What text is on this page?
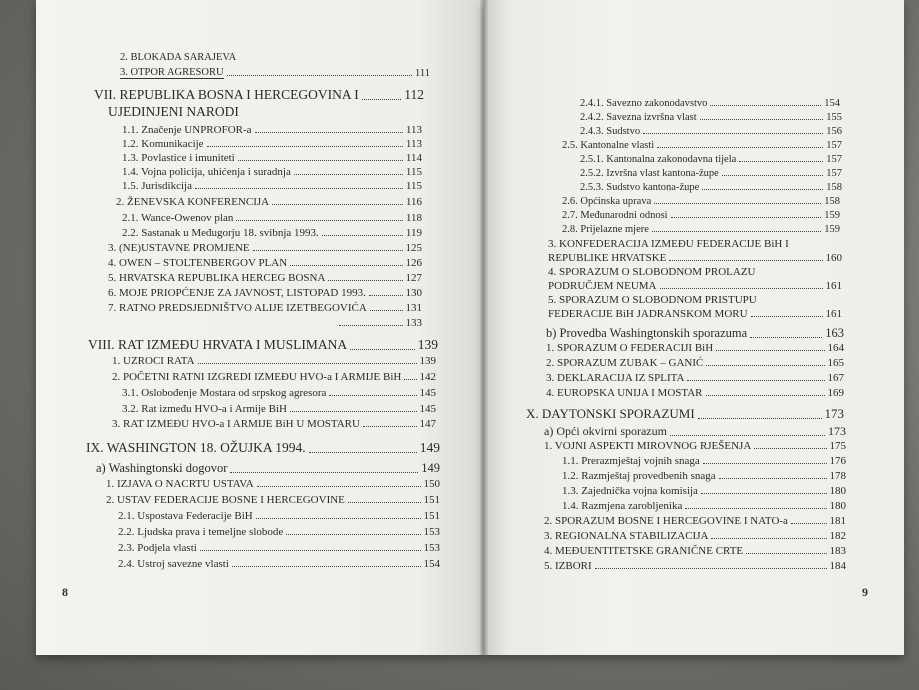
8
2. BLOKADA SARAJEVA
3. OTPOR AGRESORU	111
VII. REPUBLIKA BOSNA I HERCEGOVINA I	112
UJEDINJENI NARODI
1.1. Značenje UNPROFOR-a	113
1.2. Komunikacije	113
1.3. Povlastice i imuniteti	114
1.4. Vojna policija, uhićenja i suradnja	115
1.5. Jurisdikcija	115
2. ŽENEVSKA KONFERENCIJA	116
2.1. Wance-Owenov plan	118
2.2. Sastanak u Međugorju 18. svibnja 1993.	119
3. (NE)USTAVNE PROMJENE	125
4. OWEN – STOLTENBERGOV PLAN	126
5. HRVATSKA REPUBLIKA HERCEG BOSNA	127
6. MOJE PRIOPĆENJE ZA JAVNOST, LISTOPAD 1993.	130
7. RATNO PREDSJEDNIŠTVO ALIJE IZETBEGOVIĆA	131
133
VIII. RAT IZMEĐU HRVATA I MUSLIMANA	139
1. UZROCI RATA	139
2. POČETNI RATNI IZGREDI IZMEĐU HVO-a I ARMIJE BiH 142
3.1. Oslobođenje Mostara od srpskog agresora	145
3.2. Rat između HVO-a i Armije BiH	145
3. RAT IZMEĐU HVO-a I ARMIJE BiH U MOSTARU	147
IX. WASHINGTON 18. OŽUJKA 1994.	149
a) Washingtonski dogovor	149
1. IZJAVA O NACRTU USTAVA	150
2. USTAV FEDERACIJE BOSNE I HERCEGOVINE	151
2.1. Uspostava Federacije BiH	151
2.2. Ljudska prava i temeljne slobode	153
2.3. Podjela vlasti	153
2.4. Ustroj savezne vlasti	154
9
2.4.1. Savezno zakonodavstvo	154
2.4.2. Savezna izvršna vlast	155
2.4.3. Sudstvo	156
2.5. Kantonalne vlasti	157
2.5.1. Kantonalna zakonodavna tijela	157
2.5.2. Izvršna vlast kantona-župe	157
2.5.3. Sudstvo kantona-župe	158
2.6. Općinska uprava	158
2.7. Međunarodni odnosi	159
2.8. Prijelazne mjere	159
3. KONFEDERACIJA IZMEĐU FEDERACIJE BiH I
REPUBLIKE HRVATSKE	160
4. SPORAZUM O SLOBODNOM PROLAZU
PODRUČJEM NEUMA	161
5. SPORAZUM O SLOBODNOM PRISTUPU
FEDERACIJE BiH JADRANSKOM MORU	161
b) Provedba Washingtonskih sporazuma	163
1. SPORAZUM O FEDERACIJI BiH	164
2. SPORAZUM ZUBAK – GANIĆ	165
3. DEKLARACIJA IZ SPLITA	167
4. EUROPSKA UNIJA I MOSTAR	169
X. DAYTONSKI SPORAZUMI	173
a) Opći okvirni sporazum	173
1. VOJNI ASPEKTI MIROVNOG RJEŠENJA	175
1.1. Prerazmještaj vojnih snaga	176
1.2. Razmještaj provedbenih snaga	178
1.3. Zajednička vojna komisija	180
1.4. Razmjena zarobljenika	180
2. SPORAZUM BOSNE I HERCEGOVINE I NATO-a	181
3. REGIONALNA STABILIZACIJA	182
4. MEĐUENTITETSKE GRANIČNE CRTE	183
5. IZBORI	184
